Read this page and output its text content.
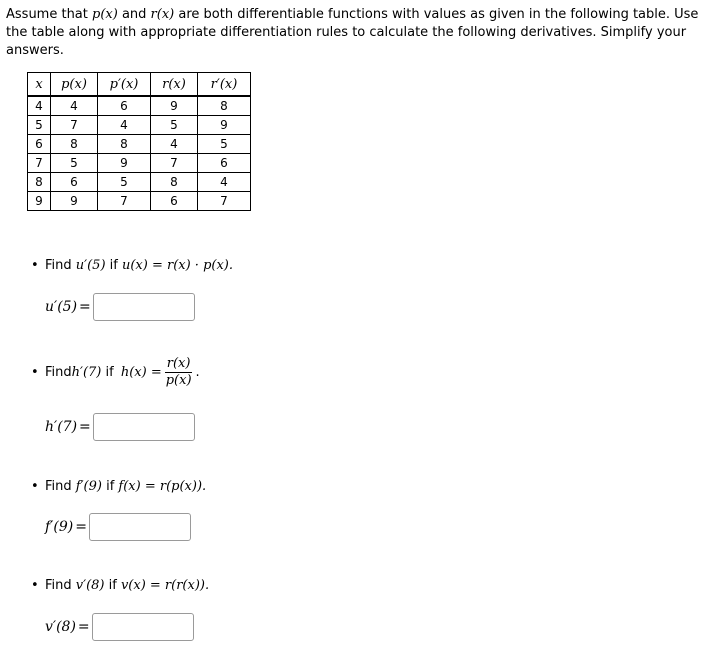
Assume that p(x) and r(x) are both differentiable functions with values as given in the following table. Use the table along with appropriate differentiation rules to calculate the following derivatives. Simplify your answers.

x	p(x)	p′(x)	r(x)	r′(x)
4	4	6	9	8
5	7	4	5	9
6	8	8	4	5
7	5	9	7	6
8	6	5	8	4
9	9	7	6	7
• Find u′(5) if u(x) = r(x) · p(x).
u′(5) =
• Find h′(7) if $h(x) = \frac{r(x)}{p(x)}$ .
h′(7) =
• Find f′(9) if f(x) = r(p(x)).
f′(9) =
• Find v′(8) if v(x) = r(r(x)).
v′(8) =
